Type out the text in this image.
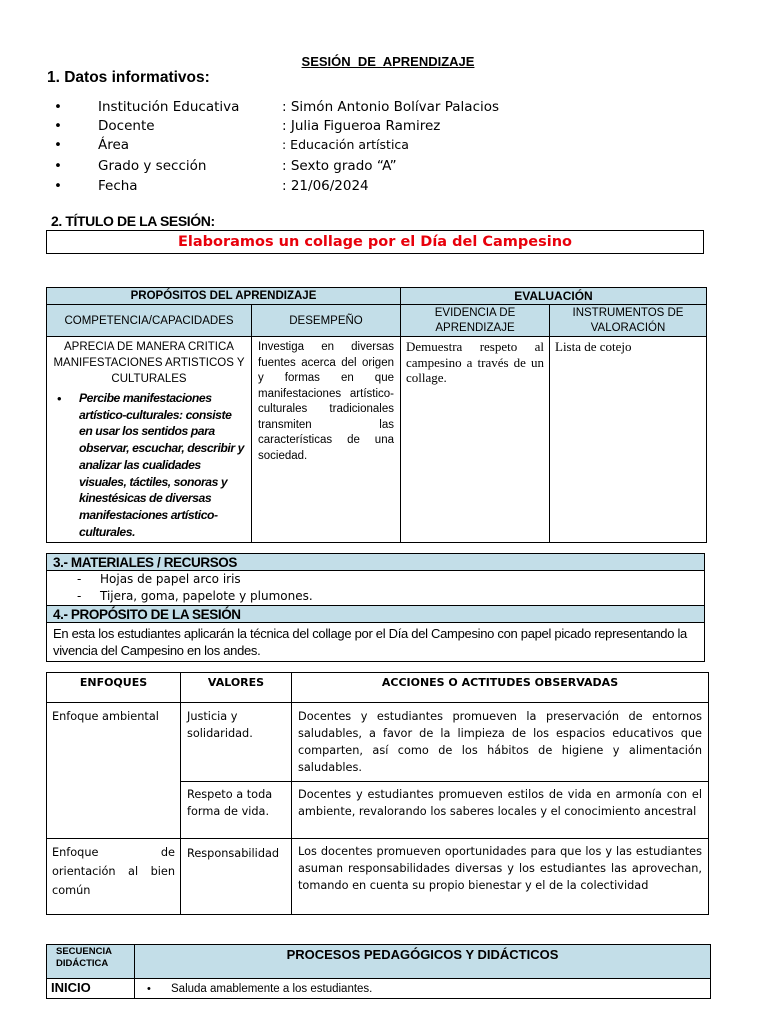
SESIÓN  DE  APRENDIZAJE
1. Datos informativos:
•	Institución Educativa	: Simón Antonio Bolívar Palacios
•	Docente	: Julia Figueroa Ramirez
•	Área	: Educación artística
•	Grado y sección	: Sexto grado “A”
•	Fecha	: 21/06/2024
2. TÍTULO DE LA SESIÓN:
Elaboramos un collage por el Día del Campesino
PROPÓSITOS DEL APRENDIZAJE		EVALUACIÓN	
COMPETENCIA/CAPACIDADES	DESEMPEÑO	EVIDENCIA DE APRENDIZAJE	INSTRUMENTOS DE VALORACIÓN

APRECIA DE MANERA CRITICA MANIFESTACIONES ARTISTICOS Y CULTURALES
• Percibe manifestaciones artístico-culturales: consiste en usar los sentidos para observar, escuchar, describir y analizar las cualidades visuales, táctiles, sonoras y kinestésicas de diversas manifestaciones artístico-culturales.	Investiga en diversas fuentes acerca del origen y formas en que manifestaciones artístico-culturales tradicionales transmiten las características de una sociedad.	Demuestra respeto al campesino a través de un collage.	Lista de cotejo
3.- MATERIALES / RECURSOS

- Hojas de papel arco iris
- Tijera, goma, papelote y plumones.

4.- PROPÓSITO DE LA SESIÓN
En esta los estudiantes aplicarán la técnica del collage por el Día del Campesino con papel picado representando la vivencia del Campesino en los andes.
ENFOQUES	VALORES	ACCIONES O ACTITUDES OBSERVADAS
Enfoque ambiental	Justicia y solidaridad.	Docentes y estudiantes promueven la preservación de entornos saludables, a favor de la limpieza de los espacios educativos que comparten, así como de los hábitos de higiene y alimentación saludables.
	Respeto a toda forma de vida.	Docentes y estudiantes promueven estilos de vida en armonía con el ambiente, revalorando los saberes locales y el conocimiento ancestral
Enfoque de orientación al bien común	Responsabilidad	Los docentes promueven oportunidades para que los y las estudiantes asuman responsabilidades diversas y los estudiantes las aprovechan, tomando en cuenta su propio bienestar y el de la colectividad
SECUENCIA DIDÁCTICA	PROCESOS PEDAGÓGICOS Y DIDÁCTICOS
INICIO	• Saluda amablemente a los estudiantes.
